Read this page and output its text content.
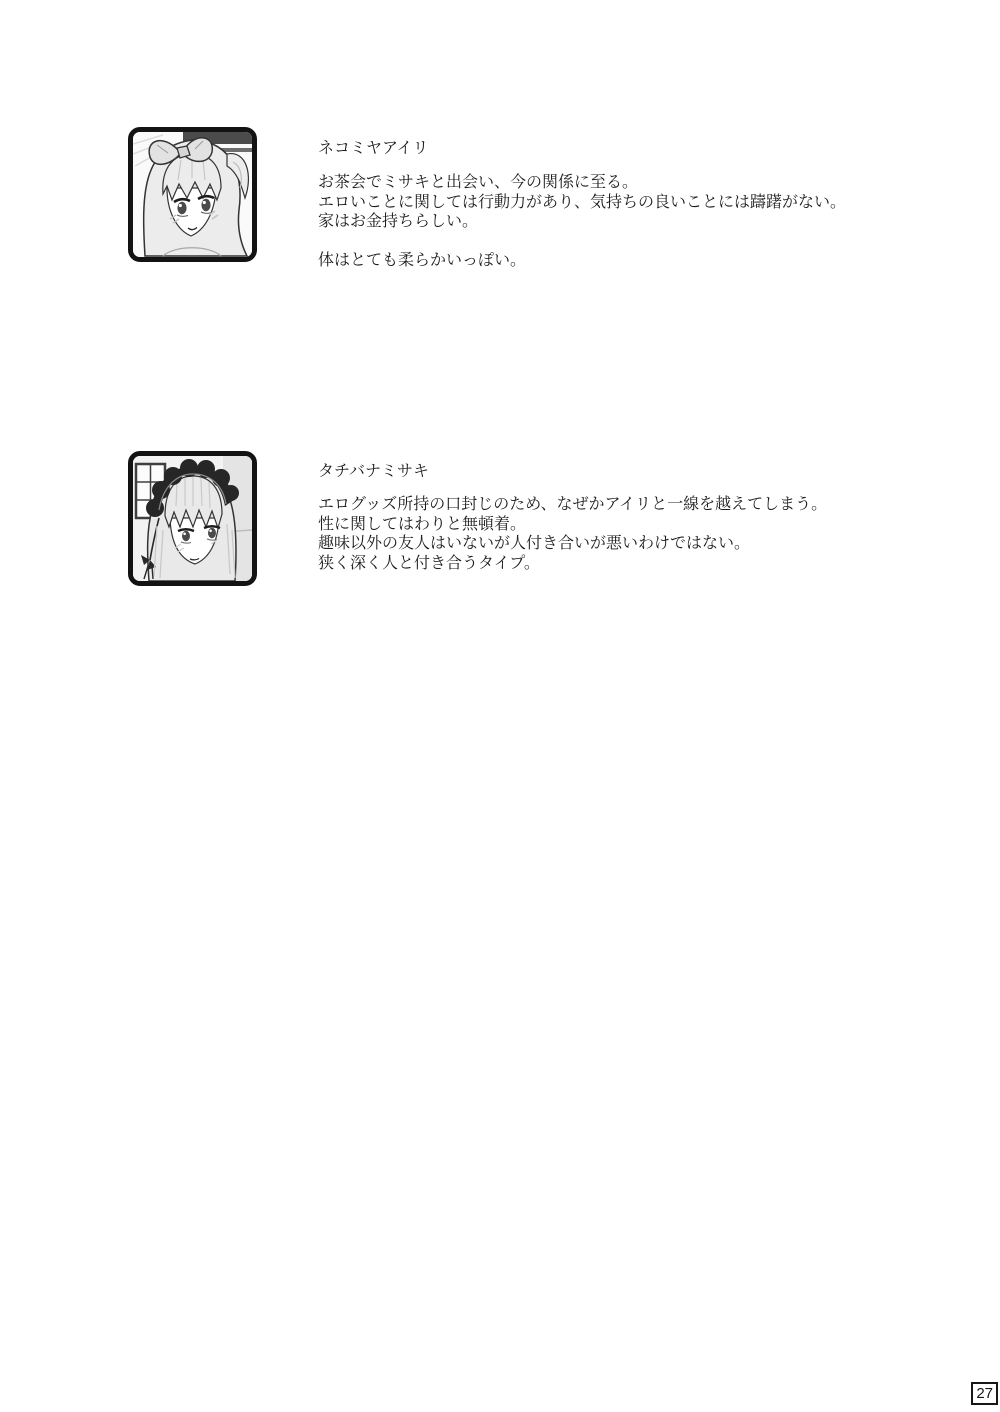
ネコミヤアイリ
お茶会でミサキと出会い、今の関係に至る。
エロいことに関しては行動力があり、気持ちの良いことには躊躇がない。
家はお金持ちらしい。

体はとても柔らかいっぽい。
タチバナミサキ
エログッズ所持の口封じのため、なぜかアイリと一線を越えてしまう。
性に関してはわりと無頓着。
趣味以外の友人はいないが人付き合いが悪いわけではない。
狭く深く人と付き合うタイプ。
27
